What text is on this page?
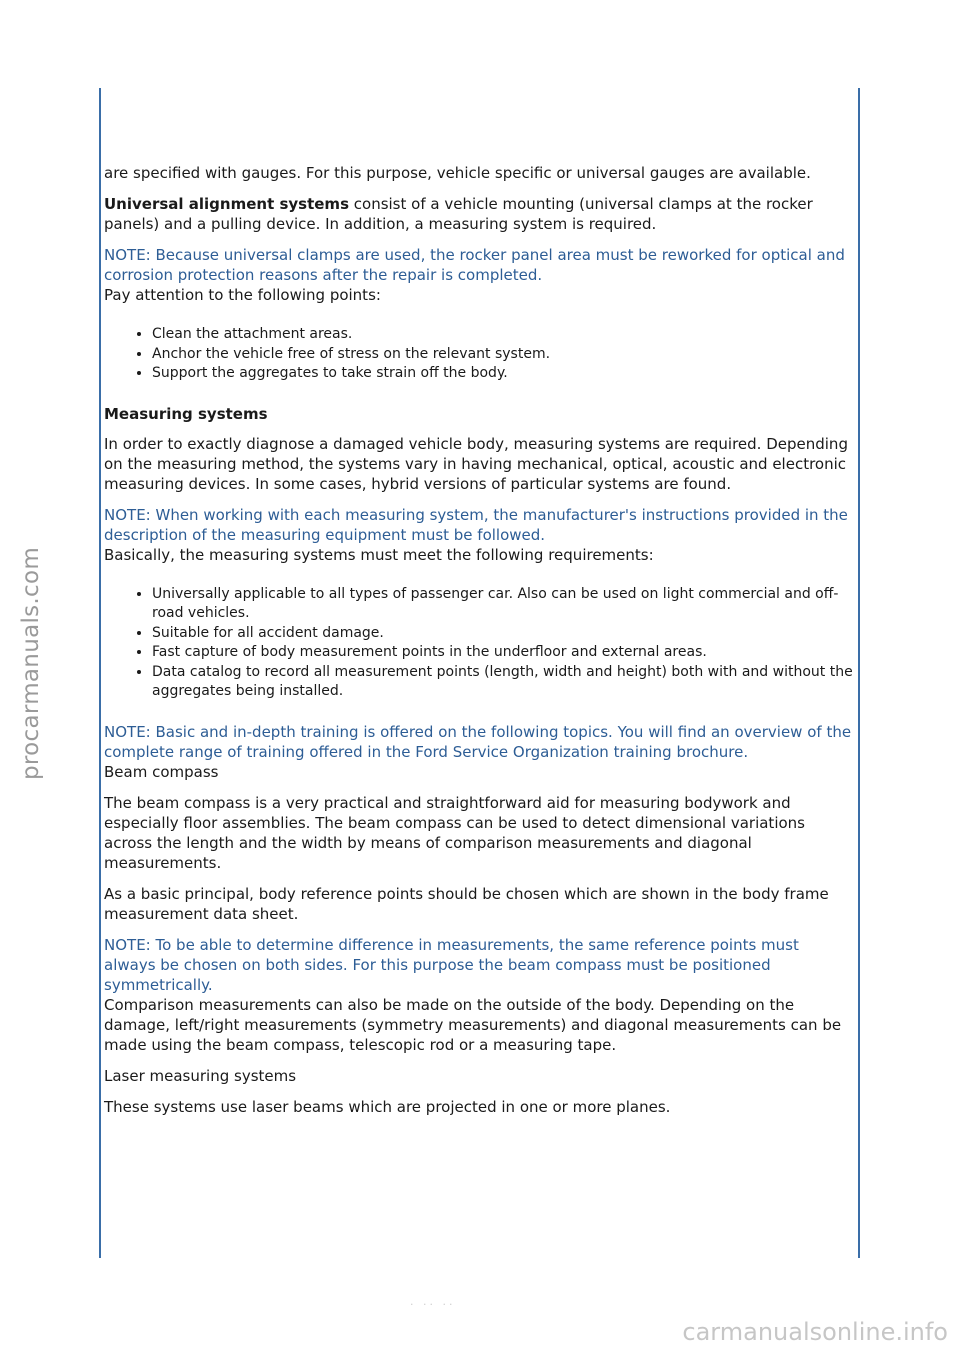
procarmanuals.com
· ·· ··
carmanualsonline.info

are specified with gauges. For this purpose, vehicle specific or universal gauges are available.

Universal alignment systems consist of a vehicle mounting (universal clamps at the rocker panels) and a pulling device. In addition, a measuring system is required.

NOTE: Because universal clamps are used, the rocker panel area must be reworked for optical and corrosion protection reasons after the repair is completed.

Pay attention to the following points:

• Clean the attachment areas.
• Anchor the vehicle free of stress on the relevant system.
• Support the aggregates to take strain off the body.
Measuring systems

In order to exactly diagnose a damaged vehicle body, measuring systems are required. Depending on the measuring method, the systems vary in having mechanical, optical, acoustic and electronic measuring devices. In some cases, hybrid versions of particular systems are found.

NOTE: When working with each measuring system, the manufacturer's instructions provided in the description of the measuring equipment must be followed.

Basically, the measuring systems must meet the following requirements:

• Universally applicable to all types of passenger car. Also can be used on light commercial and off-road vehicles.
• Suitable for all accident damage.
• Fast capture of body measurement points in the underfloor and external areas.
• Data catalog to record all measurement points (length, width and height) both with and without the aggregates being installed.

NOTE: Basic and in-depth training is offered on the following topics. You will find an overview of the complete range of training offered in the Ford Service Organization training brochure.

Beam compass

The beam compass is a very practical and straightforward aid for measuring bodywork and especially floor assemblies. The beam compass can be used to detect dimensional variations across the length and the width by means of comparison measurements and diagonal measurements.

As a basic principal, body reference points should be chosen which are shown in the body frame measurement data sheet.

NOTE: To be able to determine difference in measurements, the same reference points must always be chosen on both sides. For this purpose the beam compass must be positioned symmetrically.

Comparison measurements can also be made on the outside of the body. Depending on the damage, left/right measurements (symmetry measurements) and diagonal measurements can be made using the beam compass, telescopic rod or a measuring tape.

Laser measuring systems

These systems use laser beams which are projected in one or more planes.
